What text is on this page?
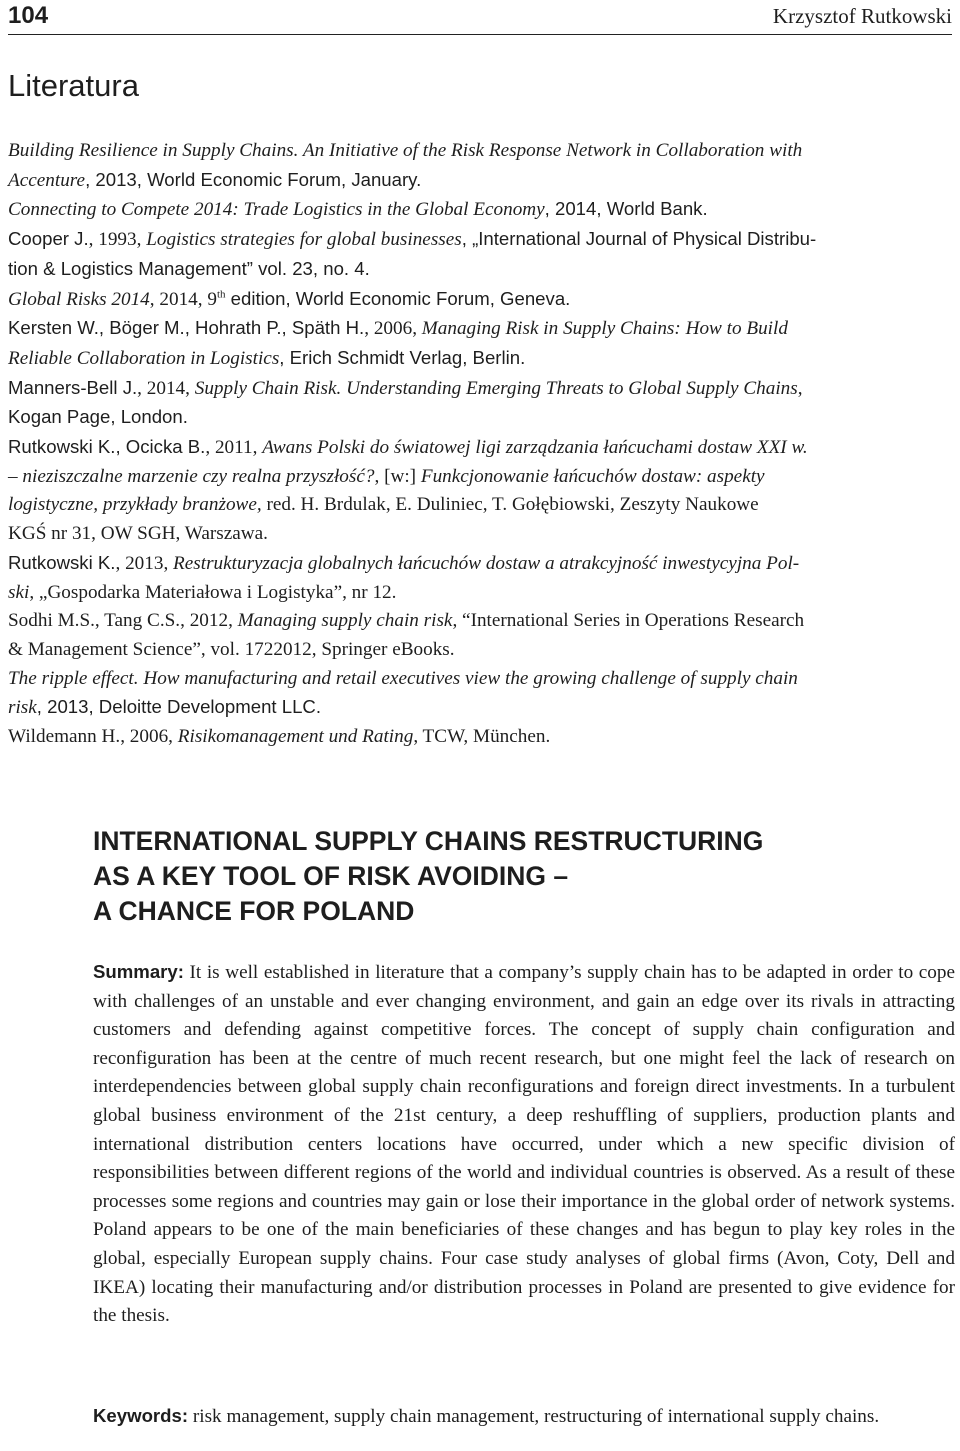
104	Krzysztof Rutkowski
Literatura
Building Resilience in Supply Chains. An Initiative of the Risk Response Network in Collaboration with
Accenture, 2013, World Economic Forum, January.
Connecting to Compete 2014: Trade Logistics in the Global Economy, 2014, World Bank.
Cooper J., 1993, Logistics strategies for global businesses, „International Journal of Physical Distribu-
tion & Logistics Management” vol. 23, no. 4.
Global Risks 2014, 2014, 9th edition, World Economic Forum, Geneva.
Kersten W., Böger M., Hohrath P., Späth H., 2006, Managing Risk in Supply Chains: How to Build
Reliable Collaboration in Logistics, Erich Schmidt Verlag, Berlin.
Manners-Bell J., 2014, Supply Chain Risk. Understanding Emerging Threats to Global Supply Chains,
Kogan Page, London.
Rutkowski K., Ocicka B., 2011, Awans Polski do światowej ligi zarządzania łańcuchami dostaw XXI w.
– nieziszczalne marzenie czy realna przyszłość?, [w:] Funkcjonowanie łańcuchów dostaw: aspekty
logistyczne, przykłady branżowe, red. H. Brdulak, E. Duliniec, T. Gołębiowski, Zeszyty Naukowe
KGŚ nr 31, OW SGH, Warszawa.
Rutkowski K., 2013, Restrukturyzacja globalnych łańcuchów dostaw a atrakcyjność inwestycyjna Pol-
ski, „Gospodarka Materiałowa i Logistyka”, nr 12.
Sodhi M.S., Tang C.S., 2012, Managing supply chain risk, “International Series in Operations Research
& Management Science”, vol. 1722012, Springer eBooks.
The ripple effect. How manufacturing and retail executives view the growing challenge of supply chain
risk, 2013, Deloitte Development LLC.
Wildemann H., 2006, Risikomanagement und Rating, TCW, München.
INTERNATIONAL SUPPLY CHAINS RESTRUCTURING
AS A KEY TOOL OF RISK AVOIDING –
A CHANCE FOR POLAND

Summary: It is well established in literature that a company’s supply chain has to be adapted in order to cope with challenges of an unstable and ever changing environment, and gain an edge over its rivals in attracting customers and defending against competitive forces. The concept of supply chain configuration and reconfiguration has been at the centre of much recent research, but one might feel the lack of research on interdependencies between global supply chain reconfigurations and foreign direct investments. In a turbulent global business environment of the 21st century, a deep reshuffling of suppliers, production plants and international distribution centers locations have occurred, under which a new specific division of responsibilities between different regions of the world and individual countries is observed. As a result of these processes some regions and countries may gain or lose their importance in the global order of network systems. Poland appears to be one of the main beneficiaries of these changes and has begun to play key roles in the global, especially European supply chains. Four case study analyses of global firms (Avon, Coty, Dell and IKEA) locating their manufacturing and/or distribution processes in Poland are presented to give evidence for the thesis.

Keywords: risk management, supply chain management, restructuring of international supply chains.
